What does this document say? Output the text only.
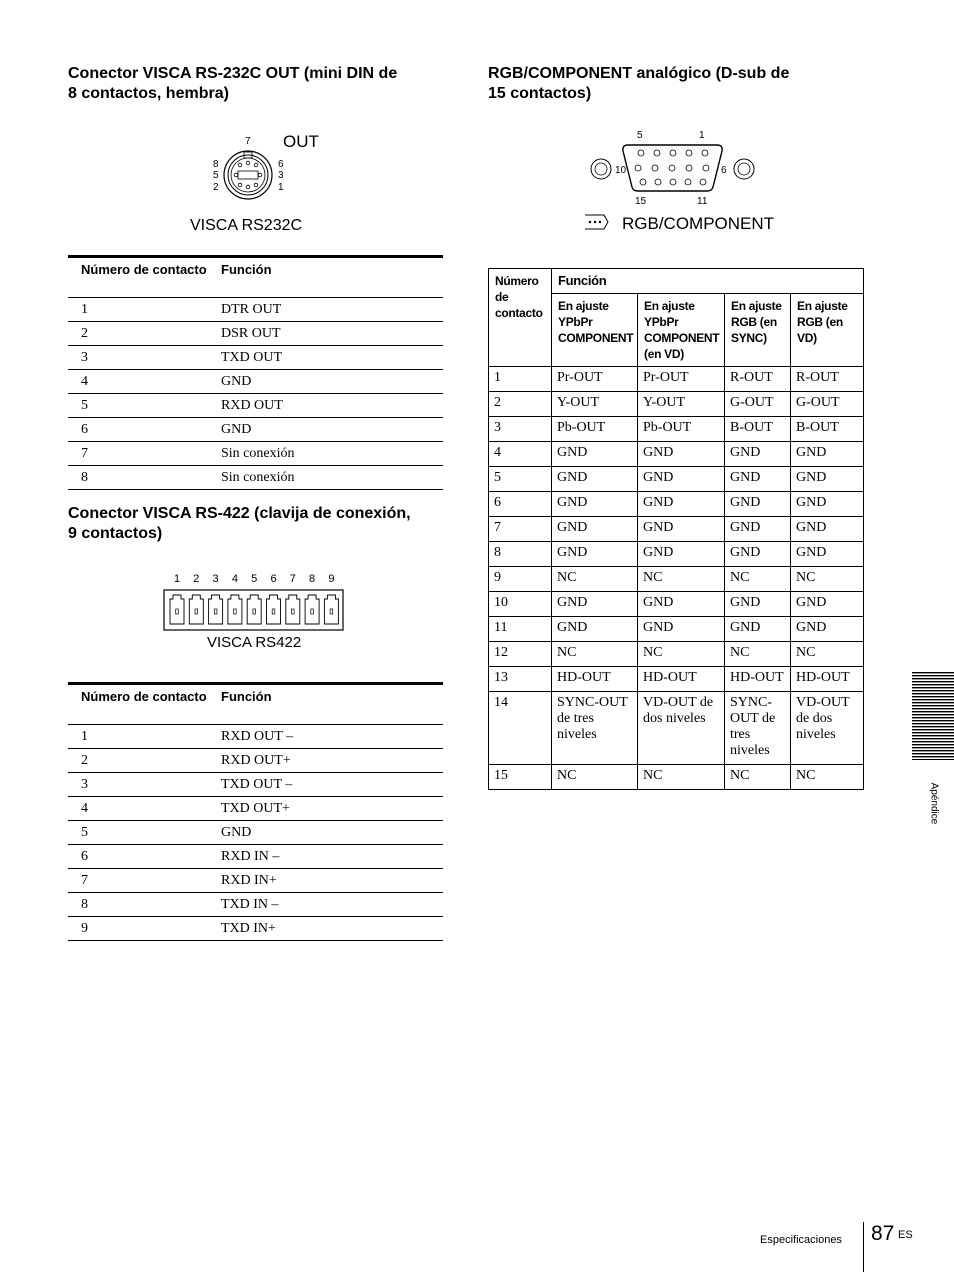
Conector VISCA RS-232C OUT (mini DIN de
8 contactos, hembra)
7
8
5
2
6
3
1
OUT
VISCA RS232C
Número de contacto	Función
1	DTR OUT
2	DSR OUT
3	TXD OUT
4	GND
5	RXD OUT
6	GND
7	Sin conexión
8	Sin conexión
Conector VISCA RS-422 (clavija de conexión,
9 contactos)
1 2 3 4 5 6 7 8 9
VISCA RS422
Número de contacto	Función
1	RXD OUT –
2	RXD OUT+
3	TXD OUT –
4	TXD OUT+
5	GND
6	RXD IN –
7	RXD IN+
8	TXD IN –
9	TXD IN+
RGB/COMPONENT analógico (D-sub de
15 contactos)
5	1
10	6
15	11
RGB/COMPONENT
Número de contacto	Función			
	En ajuste YPbPr COMPONENT	En ajuste YPbPr COMPONENT (en VD)	En ajuste RGB (en SYNC)	En ajuste RGB (en VD)
1	Pr-OUT	Pr-OUT	R-OUT	R-OUT
2	Y-OUT	Y-OUT	G-OUT	G-OUT
3	Pb-OUT	Pb-OUT	B-OUT	B-OUT
4	GND	GND	GND	GND
5	GND	GND	GND	GND
6	GND	GND	GND	GND
7	GND	GND	GND	GND
8	GND	GND	GND	GND
9	NC	NC	NC	NC
10	GND	GND	GND	GND
11	GND	GND	GND	GND
12	NC	NC	NC	NC
13	HD-OUT	HD-OUT	HD-OUT	HD-OUT
14	SYNC-OUT de tres niveles	VD-OUT de dos niveles	SYNC-OUT de tres niveles	VD-OUT de dos niveles
15	NC	NC	NC	NC
Apéndice
Especificaciones 87 ES
